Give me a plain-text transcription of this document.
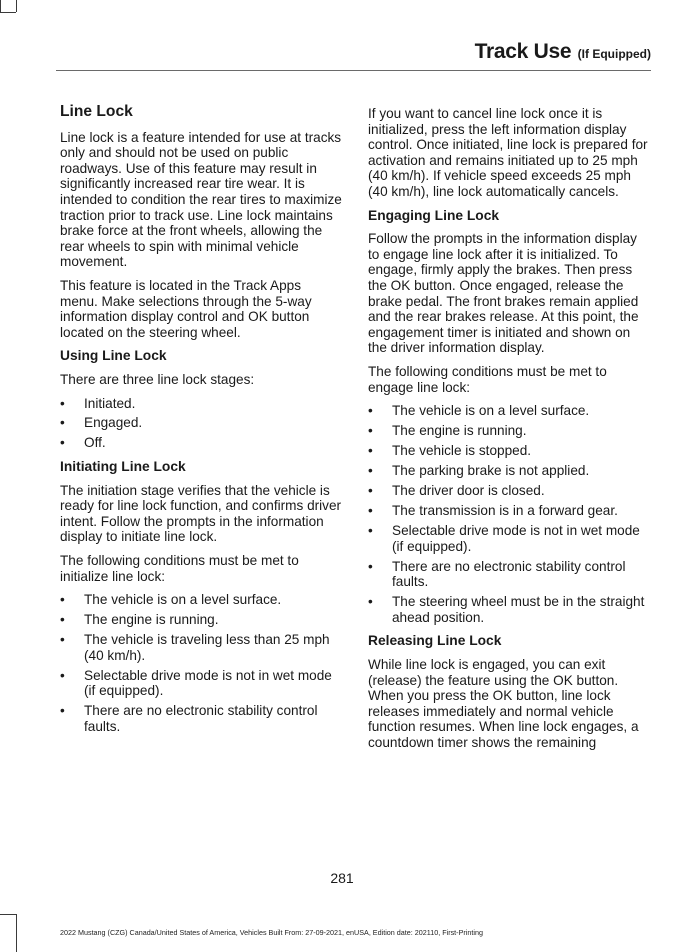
Track Use (If Equipped)
Line Lock

Line lock is a feature intended for use at tracks only and should not be used on public roadways. Use of this feature may result in significantly increased rear tire wear. It is intended to condition the rear tires to maximize traction prior to track use. Line lock maintains brake force at the front wheels, allowing the rear wheels to spin with minimal vehicle movement.

This feature is located in the Track Apps menu. Make selections through the 5-way information display control and OK button located on the steering wheel.

Using Line Lock

There are three line lock stages:

• Initiated.
• Engaged.
• Off.
Initiating Line Lock

The initiation stage verifies that the vehicle is ready for line lock function, and confirms driver intent. Follow the prompts in the information display to initiate line lock.

The following conditions must be met to initialize line lock:

• The vehicle is on a level surface.
• The engine is running.
• The vehicle is traveling less than 25 mph (40 km/h).
• Selectable drive mode is not in wet mode (if equipped).
• There are no electronic stability control faults.

If you want to cancel line lock once it is initialized, press the left information display control. Once initiated, line lock is prepared for activation and remains initiated up to 25 mph (40 km/h). If vehicle speed exceeds 25 mph (40 km/h), line lock automatically cancels.

Engaging Line Lock

Follow the prompts in the information display to engage line lock after it is initialized. To engage, firmly apply the brakes. Then press the OK button. Once engaged, release the brake pedal. The front brakes remain applied and the rear brakes release. At this point, the engagement timer is initiated and shown on the driver information display.

The following conditions must be met to engage line lock:

• The vehicle is on a level surface.
• The engine is running.
• The vehicle is stopped.
• The parking brake is not applied.
• The driver door is closed.
• The transmission is in a forward gear.
• Selectable drive mode is not in wet mode (if equipped).
• There are no electronic stability control faults.
• The steering wheel must be in the straight ahead position.
Releasing Line Lock

While line lock is engaged, you can exit (release) the feature using the OK button. When you press the OK button, line lock releases immediately and normal vehicle function resumes. When line lock engages, a countdown timer shows the remaining

281
2022 Mustang (CZG) Canada/United States of America, Vehicles Built From: 27-09-2021, enUSA, Edition date: 202110, First-Printing
